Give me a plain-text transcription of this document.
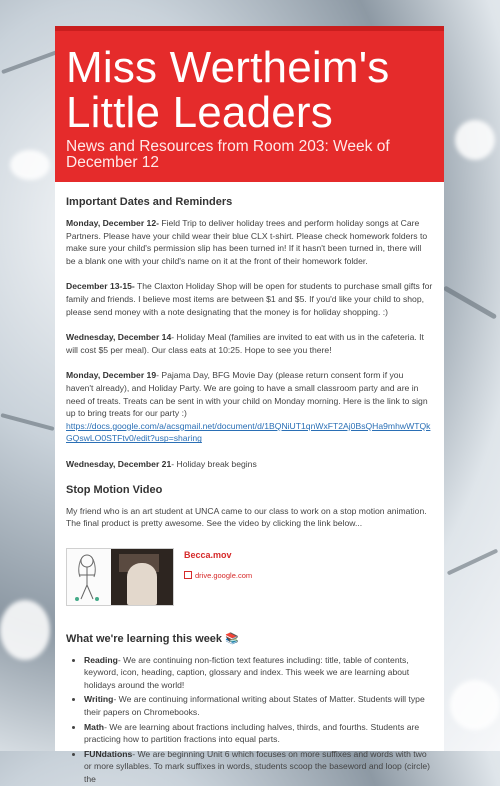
Miss Wertheim's Little Leaders
News and Resources from Room 203: Week of December 12
Important Dates and Reminders

Monday, December 12- Field Trip to deliver holiday trees and perform holiday songs at Care Partners. Please have your child wear their blue CLX t-shirt. Please check homework folders to make sure your child's permission slip has been turned in! If it hasn't been turned in, there will be a blank one with your child's name on it at the front of their homework folder.

December 13-15- The Claxton Holiday Shop will be open for students to purchase small gifts for family and friends. I believe most items are between $1 and $5. If you'd like your child to shop, please send money with a note designating that the money is for holiday shopping. :)

Wednesday, December 14- Holiday Meal (families are invited to eat with us in the cafeteria. It will cost $5 per meal). Our class eats at 10:25. Hope to see you there!

Monday, December 19- Pajama Day, BFG Movie Day (please return consent form if you haven't already), and Holiday Party. We are going to have a small classroom party and are in need of treats. Treats can be sent in with your child on Monday morning. Here is the link to sign up to bring treats for our party :)
https://docs.google.com/a/acsgmail.net/document/d/1BQNiUT1qnWxFT2Aj0BsQHa9mhwWTQkGQswLO0STFtv0/edit?usp=sharing

Wednesday, December 21- Holiday break begins

Stop Motion Video

My friend who is an art student at UNCA came to our class to work on a stop motion animation. The final product is pretty awesome. See the video by clicking the link below...

Becca.mov
drive.google.com
What we're learning this week 📚
• Reading- We are continuing non-fiction text features including: title, table of contents, keyword, icon, heading, caption, glossary and index. This week we are learning about holidays around the world!
• Writing- We are continuing informational writing about States of Matter. Students will type their papers on Chromebooks.
• Math- We are learning about fractions including halves, thirds, and fourths. Students are practicing how to partition fractions into equal parts.
• FUNdations- We are beginning Unit 6 which focuses on more suffixes and words with two or more syllables. To mark suffixes in words, students scoop the baseword and loop (circle) the
